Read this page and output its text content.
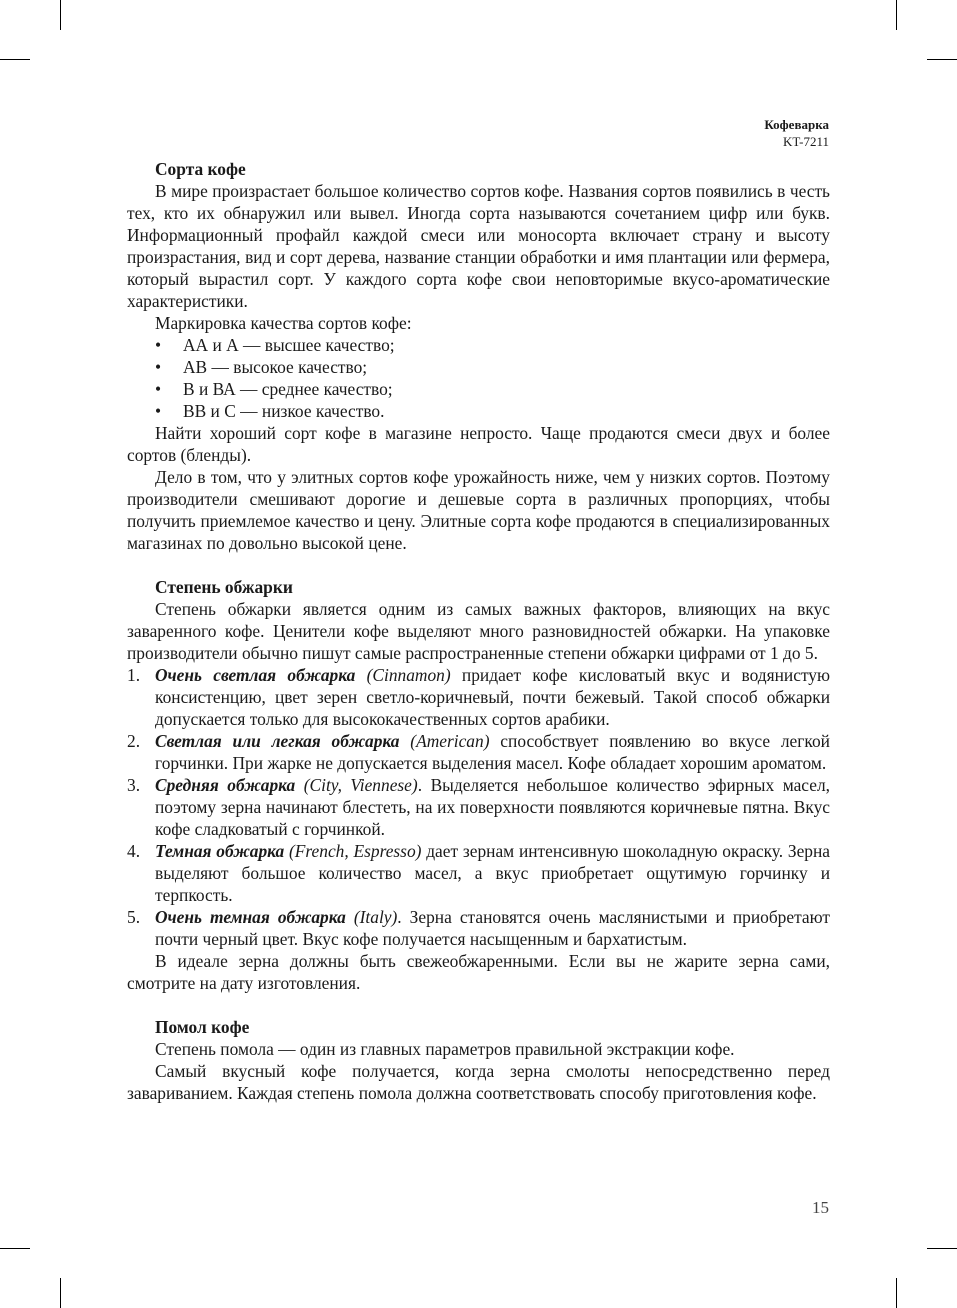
Кофеварка
KT-7211
Сорта кофе

В мире произрастает большое количество сортов кофе. Названия сортов появились в честь тех, кто их обнаружил или вывел. Иногда сорта называются сочетанием цифр или букв. Информационный профайл каждой смеси или моносорта включает страну и высоту произрастания, вид и сорт дерева, название станции обработки и имя плантации или фермера, который вырастил сорт. У каждого сорта кофе свои неповторимые вкусо-ароматические характеристики.

Маркировка качества сортов кофе:

• АА и А — высшее качество;
• АВ — высокое качество;
• В и ВА — среднее качество;
• ВВ и С — низкое качество.

Найти хороший сорт кофе в магазине непросто. Чаще продаются смеси двух и более сортов (бленды).

Дело в том, что у элитных сортов кофе урожайность ниже, чем у низких сортов. Поэтому производители смешивают дорогие и дешевые сорта в различных пропорциях, чтобы получить приемлемое качество и цену. Элитные сорта кофе продаются в специализированных магазинах по довольно высокой цене.

Степень обжарки

Степень обжарки является одним из самых важных факторов, влияющих на вкус заваренного кофе. Ценители кофе выделяют много разновидностей обжарки. На упаковке производители обычно пишут самые распространенные степени обжарки цифрами от 1 до 5.

1. Очень светлая обжарка (Cinnamon) придает кофе кисловатый вкус и водянистую консистенцию, цвет зерен светло-коричневый, почти бежевый. Такой способ обжарки допускается только для высококачественных сортов арабики.
2. Светлая или легкая обжарка (American) способствует появлению во вкусе легкой горчинки. При жарке не допускается выделения масел. Кофе обладает хорошим ароматом.
3. Средняя обжарка (City, Viennese). Выделяется небольшое количество эфирных масел, поэтому зерна начинают блестеть, на их поверхности появляются коричневые пятна. Вкус кофе сладковатый с горчинкой.
4. Темная обжарка (French, Espresso) дает зернам интенсивную шоколадную окраску. Зерна выделяют большое количество масел, а вкус приобретает ощутимую горчинку и терпкость.
5. Очень темная обжарка (Italy). Зерна становятся очень маслянистыми и приобретают почти черный цвет. Вкус кофе получается насыщенным и бархатистым.

В идеале зерна должны быть свежеобжаренными. Если вы не жарите зерна сами, смотрите на дату изготовления.

Помол кофе

Степень помола — один из главных параметров правильной экстракции кофе.

Самый вкусный кофе получается, когда зерна смолоты непосредственно перед завариванием. Каждая степень помола должна соответствовать способу приготовления кофе.

15
